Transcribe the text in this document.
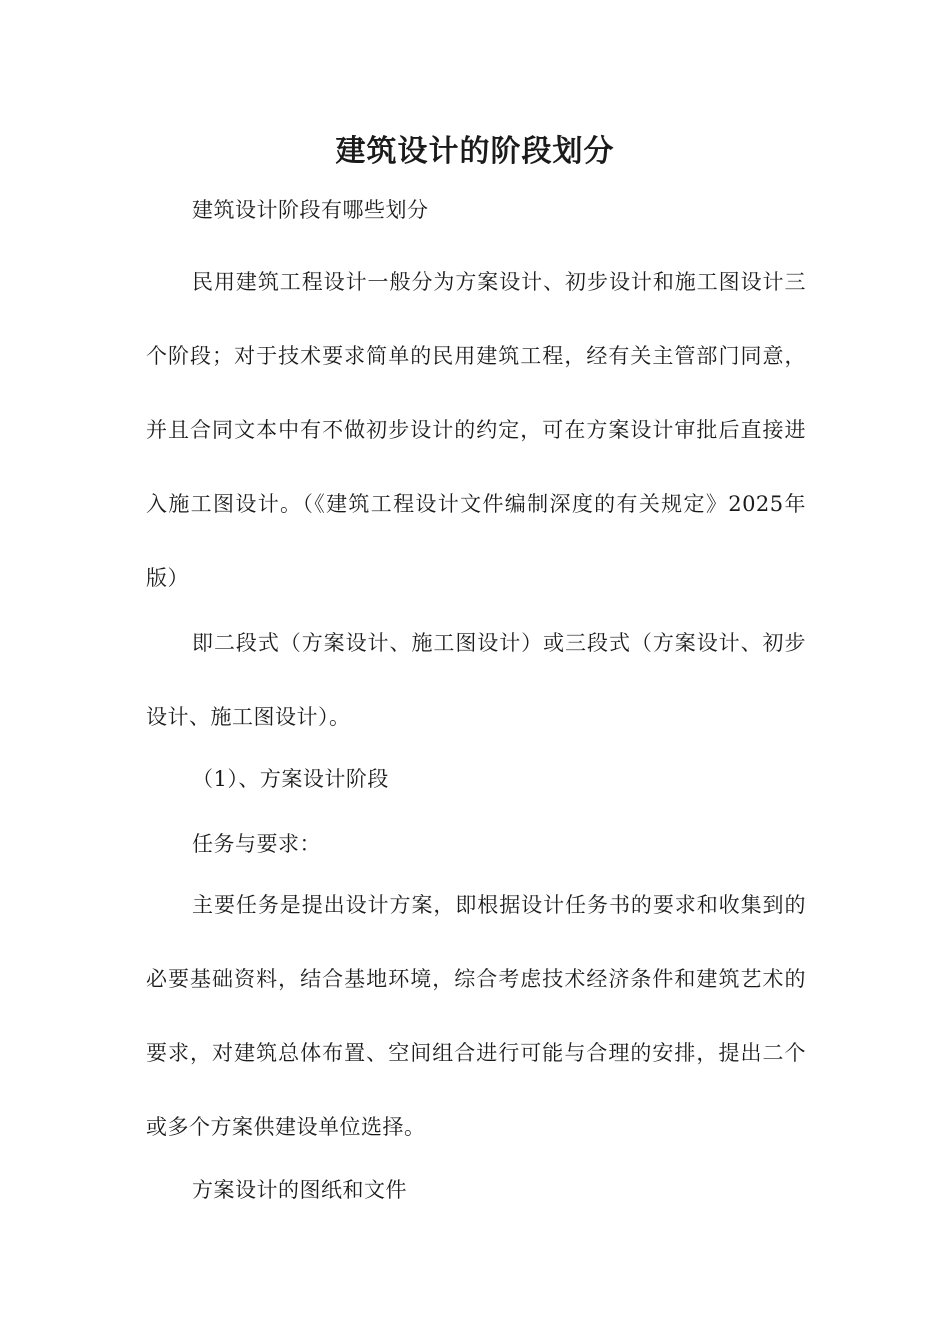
建筑设计的阶段划分

建筑设计阶段有哪些划分

民用建筑工程设计一般分为方案设计、初步设计和施工图设计三个阶段；对于技术要求简单的民用建筑工程，经有关主管部门同意，并且合同文本中有不做初步设计的约定，可在方案设计审批后直接进入施工图设计。（《建筑工程设计文件编制深度的有关规定》2025年版）

即二段式（方案设计、施工图设计）或三段式（方案设计、初步设计、施工图设计）。

（1）、方案设计阶段

任务与要求：

主要任务是提出设计方案，即根据设计任务书的要求和收集到的必要基础资料，结合基地环境，综合考虑技术经济条件和建筑艺术的要求，对建筑总体布置、空间组合进行可能与合理的安排，提出二个或多个方案供建设单位选择。

方案设计的图纸和文件
